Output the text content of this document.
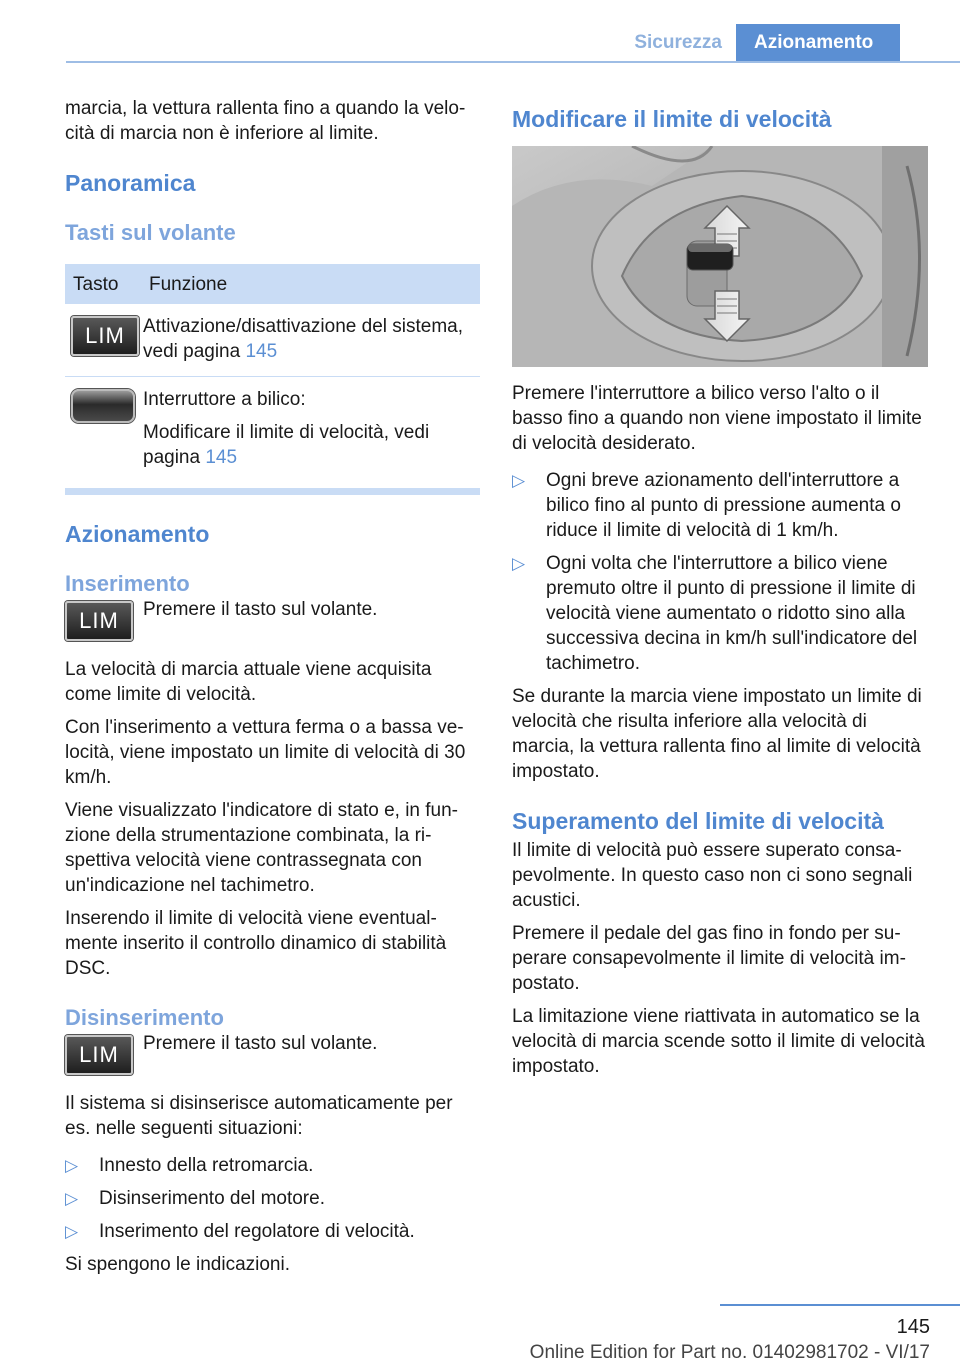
Sicurezza	Azionamento

marcia, la vettura rallenta fino a quando la velocità di marcia non è inferiore al limite.

Panoramica
Tasti sul volante
Tasto	Funzione
LIM	Attivazione/disattivazione del sistema, vedi pagina 145

	Interruttore a bilico:

Modificare il limite di velocità, vedi pagina 145
Azionamento
Inserimento
LIM	Premere il tasto sul volante.

La velocità di marcia attuale viene acquisita come limite di velocità.

Con l'inserimento a vettura ferma o a bassa velocità, viene impostato un limite di velocità di 30 km/h.

Viene visualizzato l'indicatore di stato e, in funzione della strumentazione combinata, la rispettiva velocità viene contrassegnata con un'indicazione nel tachimetro.

Inserendo il limite di velocità viene eventualmente inserito il controllo dinamico di stabilità DSC.

Disinserimento
LIM	Premere il tasto sul volante.

Il sistema si disinserisce automaticamente per es. nelle seguenti situazioni:

▷	Innesto della retromarcia.
▷	Disinserimento del motore.
▷	Inserimento del regolatore di velocità.

Si spengono le indicazioni.

Modificare il limite di velocità

Premere l'interruttore a bilico verso l'alto o il basso fino a quando non viene impostato il limite di velocità desiderato.

▷	Ogni breve azionamento dell'interruttore a bilico fino al punto di pressione aumenta o riduce il limite di velocità di 1 km/h.
▷	Ogni volta che l'interruttore a bilico viene premuto oltre il punto di pressione il limite di velocità viene aumentato o ridotto sino alla successiva decina in km/h sull'indicatore del tachimetro.

Se durante la marcia viene impostato un limite di velocità che risulta inferiore alla velocità di marcia, la vettura rallenta fino al limite di velocità impostato.

Superamento del limite di velocità

Il limite di velocità può essere superato consapevolmente. In questo caso non ci sono segnali acustici.

Premere il pedale del gas fino in fondo per superare consapevolmente il limite di velocità impostato.

La limitazione viene riattivata in automatico se la velocità di marcia scende sotto il limite di velocità impostato.

145
Online Edition for Part no. 01402981702 - VI/17
